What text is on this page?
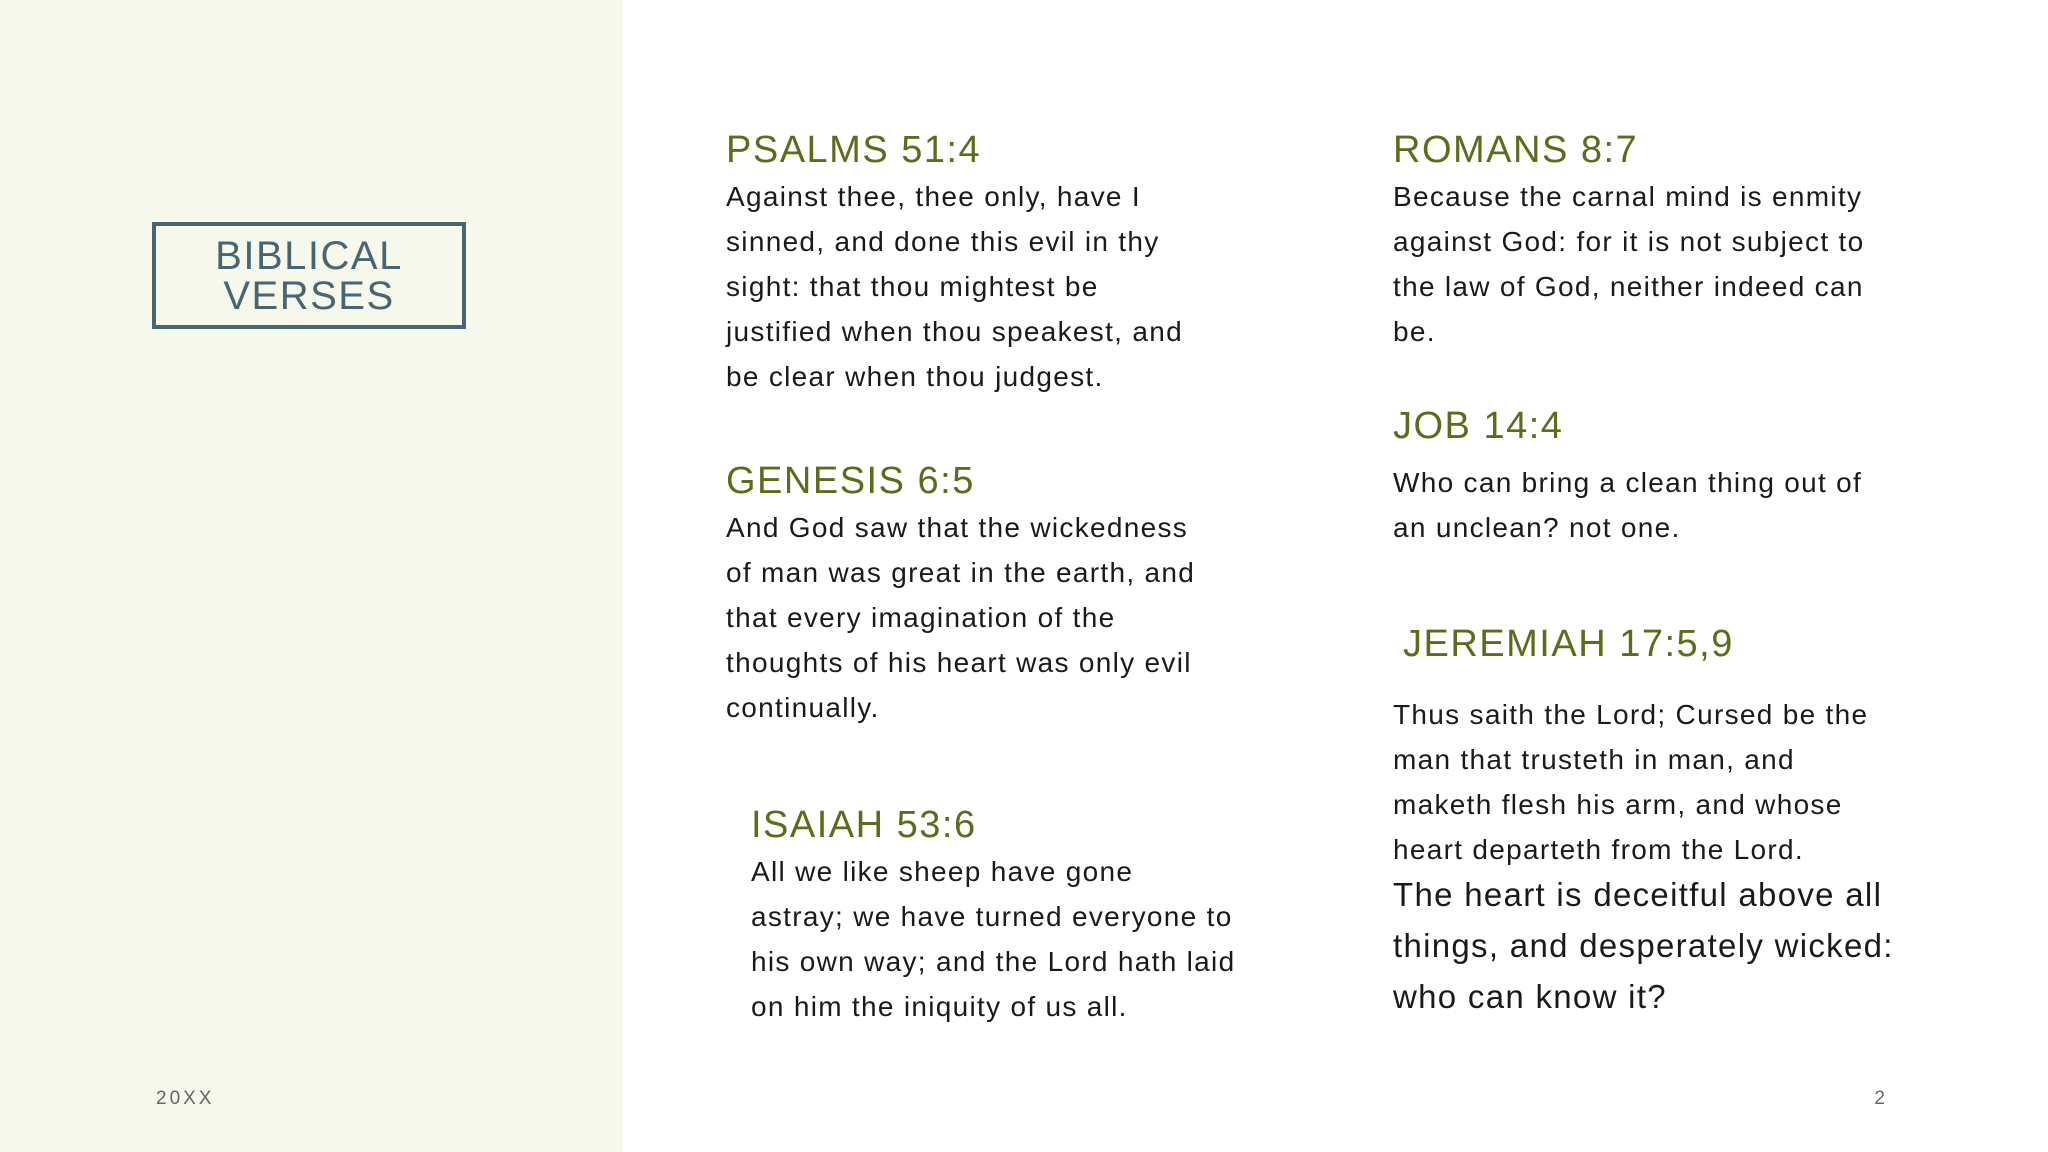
BIBLICAL
VERSES
20XX
PSALMS 51:4
Against thee, thee only, have I
sinned, and done this evil in thy
sight: that thou mightest be
justified when thou speakest, and
be clear when thou judgest.
GENESIS 6:5
And God saw that the wickedness
of man was great in the earth, and
that every imagination of the
thoughts of his heart was only evil
continually.
ISAIAH 53:6
All we like sheep have gone
astray; we have turned everyone to
his own way; and the Lord hath laid
on him the iniquity of us all.
ROMANS 8:7
Because the carnal mind is enmity
against God: for it is not subject to
the law of God, neither indeed can
be.
JOB 14:4
Who can bring a clean thing out of
an unclean? not one.
JEREMIAH 17:5,9
Thus saith the Lord; Cursed be the
man that trusteth in man, and
maketh flesh his arm, and whose
heart departeth from the Lord.
The heart is deceitful above all
things, and desperately wicked:
who can know it?
2
